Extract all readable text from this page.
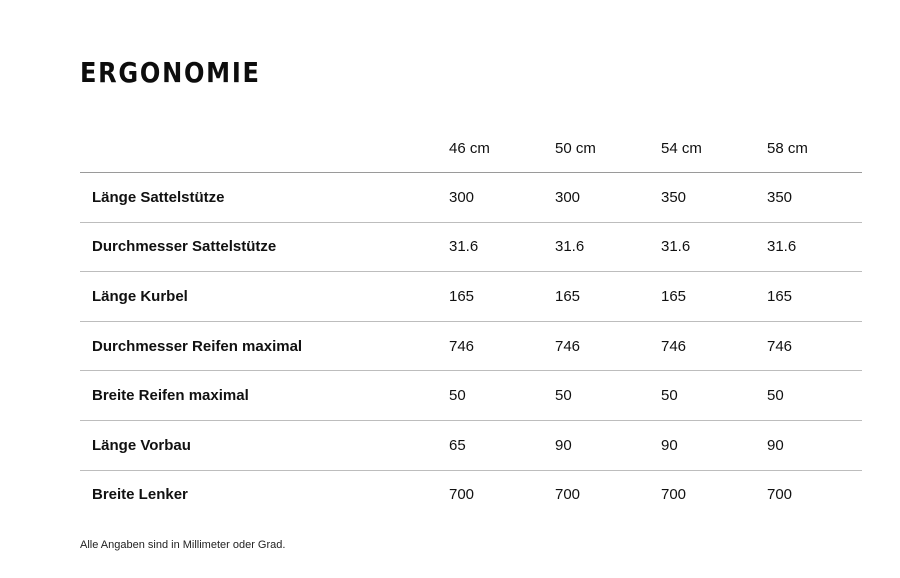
ERGONOMIE
	46 cm	50 cm	54 cm	58 cm
Länge Sattelstütze	300	300	350	350
Durchmesser Sattelstütze	31.6	31.6	31.6	31.6
Länge Kurbel	165	165	165	165
Durchmesser Reifen maximal	746	746	746	746
Breite Reifen maximal	50	50	50	50
Länge Vorbau	65	90	90	90
Breite Lenker	700	700	700	700

Alle Angaben sind in Millimeter oder Grad.
